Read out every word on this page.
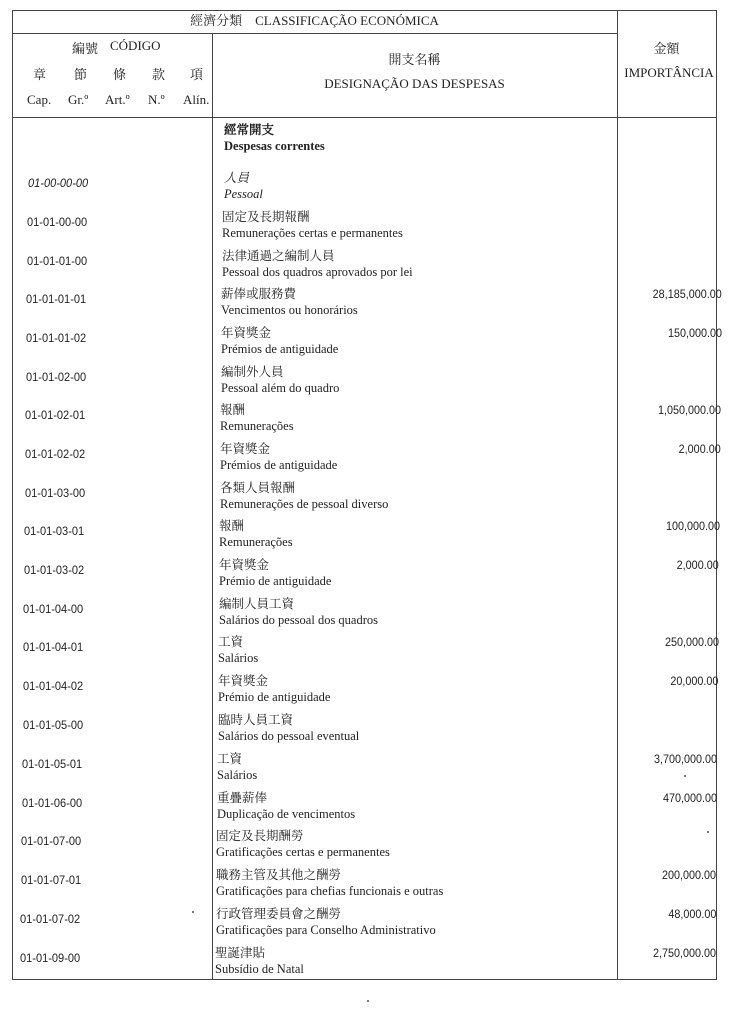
經濟分類　CLASSIFICAÇÃO ECONÓMICA
編號 CÓDIGO
章 節 條 款 項
Cap. Gr.º Art.º N.º Alín.
開支名稱
DESIGNAÇÃO DAS DESPESAS
金額
IMPORTÂNCIA
經常開支
Despesas correntes
01-00-00-00	人員
Pessoal
01-01-00-00	固定及長期報酬
Remunerações certas e permanentes
01-01-01-00	法律通過之編制人員
Pessoal dos quadros aprovados por lei
01-01-01-01	薪俸或服務費
Vencimentos ou honorários
28,185,000.00
01-01-01-02	年資獎金
Prémios de antiguidade
150,000.00
01-01-02-00	編制外人員
Pessoal além do quadro
01-01-02-01	報酬
Remunerações
1,050,000.00
01-01-02-02	年資獎金
Prémios de antiguidade
2,000.00
01-01-03-00	各類人員報酬
Remunerações de pessoal diverso
01-01-03-01	報酬
Remunerações
100,000.00
01-01-03-02	年資獎金
Prémio de antiguidade
2,000.00
01-01-04-00	編制人員工資
Salários do pessoal dos quadros
01-01-04-01	工資
Salários
250,000.00
01-01-04-02	年資獎金
Prémio de antiguidade
20,000.00
01-01-05-00	臨時人員工資
Salários do pessoal eventual
01-01-05-01	工資
Salários
3,700,000.00
01-01-06-00	重疊薪俸
Duplicação de vencimentos
470,000.00
01-01-07-00	固定及長期酬勞
Gratificações certas e permanentes
01-01-07-01	職務主管及其他之酬勞
Gratificações para chefias funcionais e outras
200,000.00
01-01-07-02	行政管理委員會之酬勞
Gratificações para Conselho Administrativo
48,000.00
01-01-09-00	聖誕津貼
Subsídio de Natal
2,750,000.00
